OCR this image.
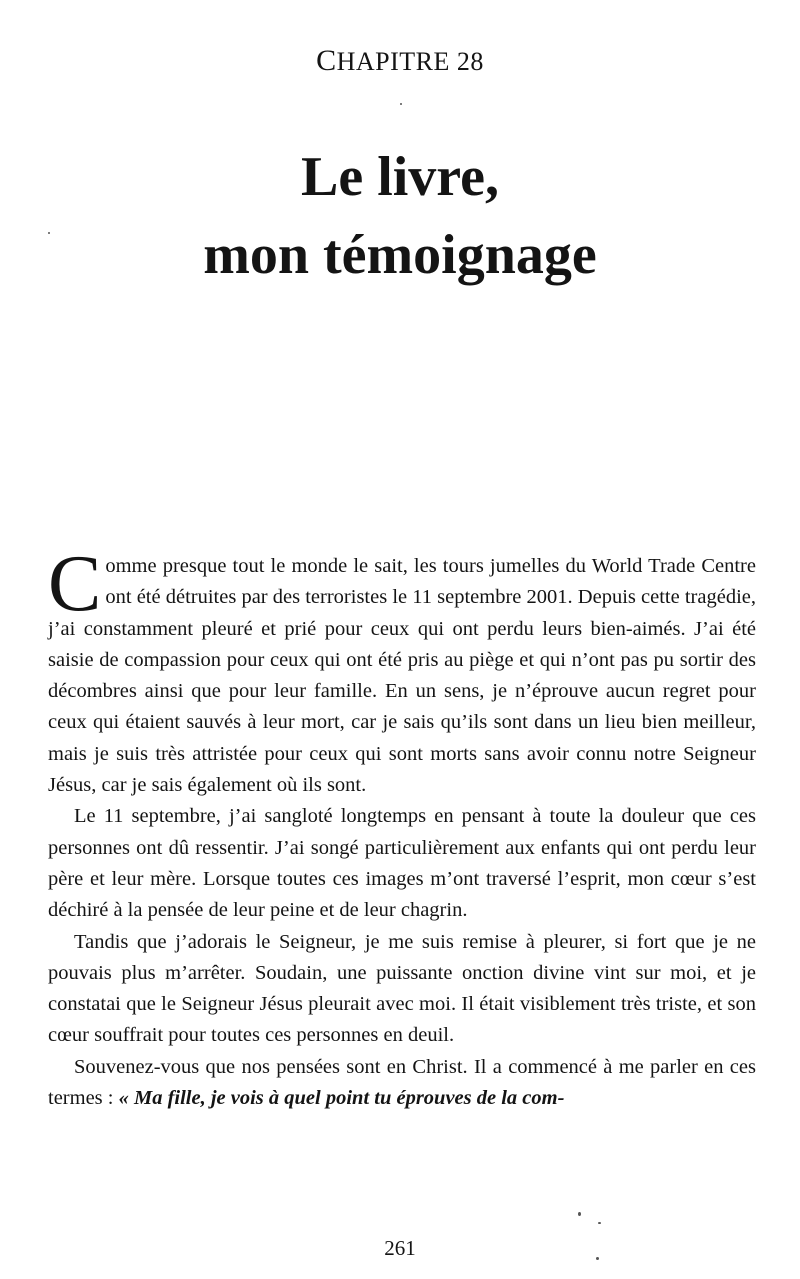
CHAPITRE 28
Le livre,
mon témoignage

Comme presque tout le monde le sait, les tours jumelles du World Trade Centre ont été détruites par des terroristes le 11 septembre 2001. Depuis cette tragédie, j’ai constamment pleuré et prié pour ceux qui ont perdu leurs bien-aimés. J’ai été saisie de compassion pour ceux qui ont été pris au piège et qui n’ont pas pu sortir des décombres ainsi que pour leur famille. En un sens, je n’éprouve aucun regret pour ceux qui étaient sauvés à leur mort, car je sais qu’ils sont dans un lieu bien meilleur, mais je suis très attristée pour ceux qui sont morts sans avoir connu notre Seigneur Jésus, car je sais également où ils sont.

Le 11 septembre, j’ai sangloté longtemps en pensant à toute la douleur que ces personnes ont dû ressentir. J’ai songé particulièrement aux enfants qui ont perdu leur père et leur mère. Lorsque toutes ces images m’ont traversé l’esprit, mon cœur s’est déchiré à la pensée de leur peine et de leur chagrin.

Tandis que j’adorais le Seigneur, je me suis remise à pleurer, si fort que je ne pouvais plus m’arrêter. Soudain, une puissante onction divine vint sur moi, et je constatai que le Seigneur Jésus pleurait avec moi. Il était visiblement très triste, et son cœur souffrait pour toutes ces personnes en deuil.

Souvenez-vous que nos pensées sont en Christ. Il a commencé à me parler en ces termes : « Ma fille, je vois à quel point tu éprouves de la com-

261
